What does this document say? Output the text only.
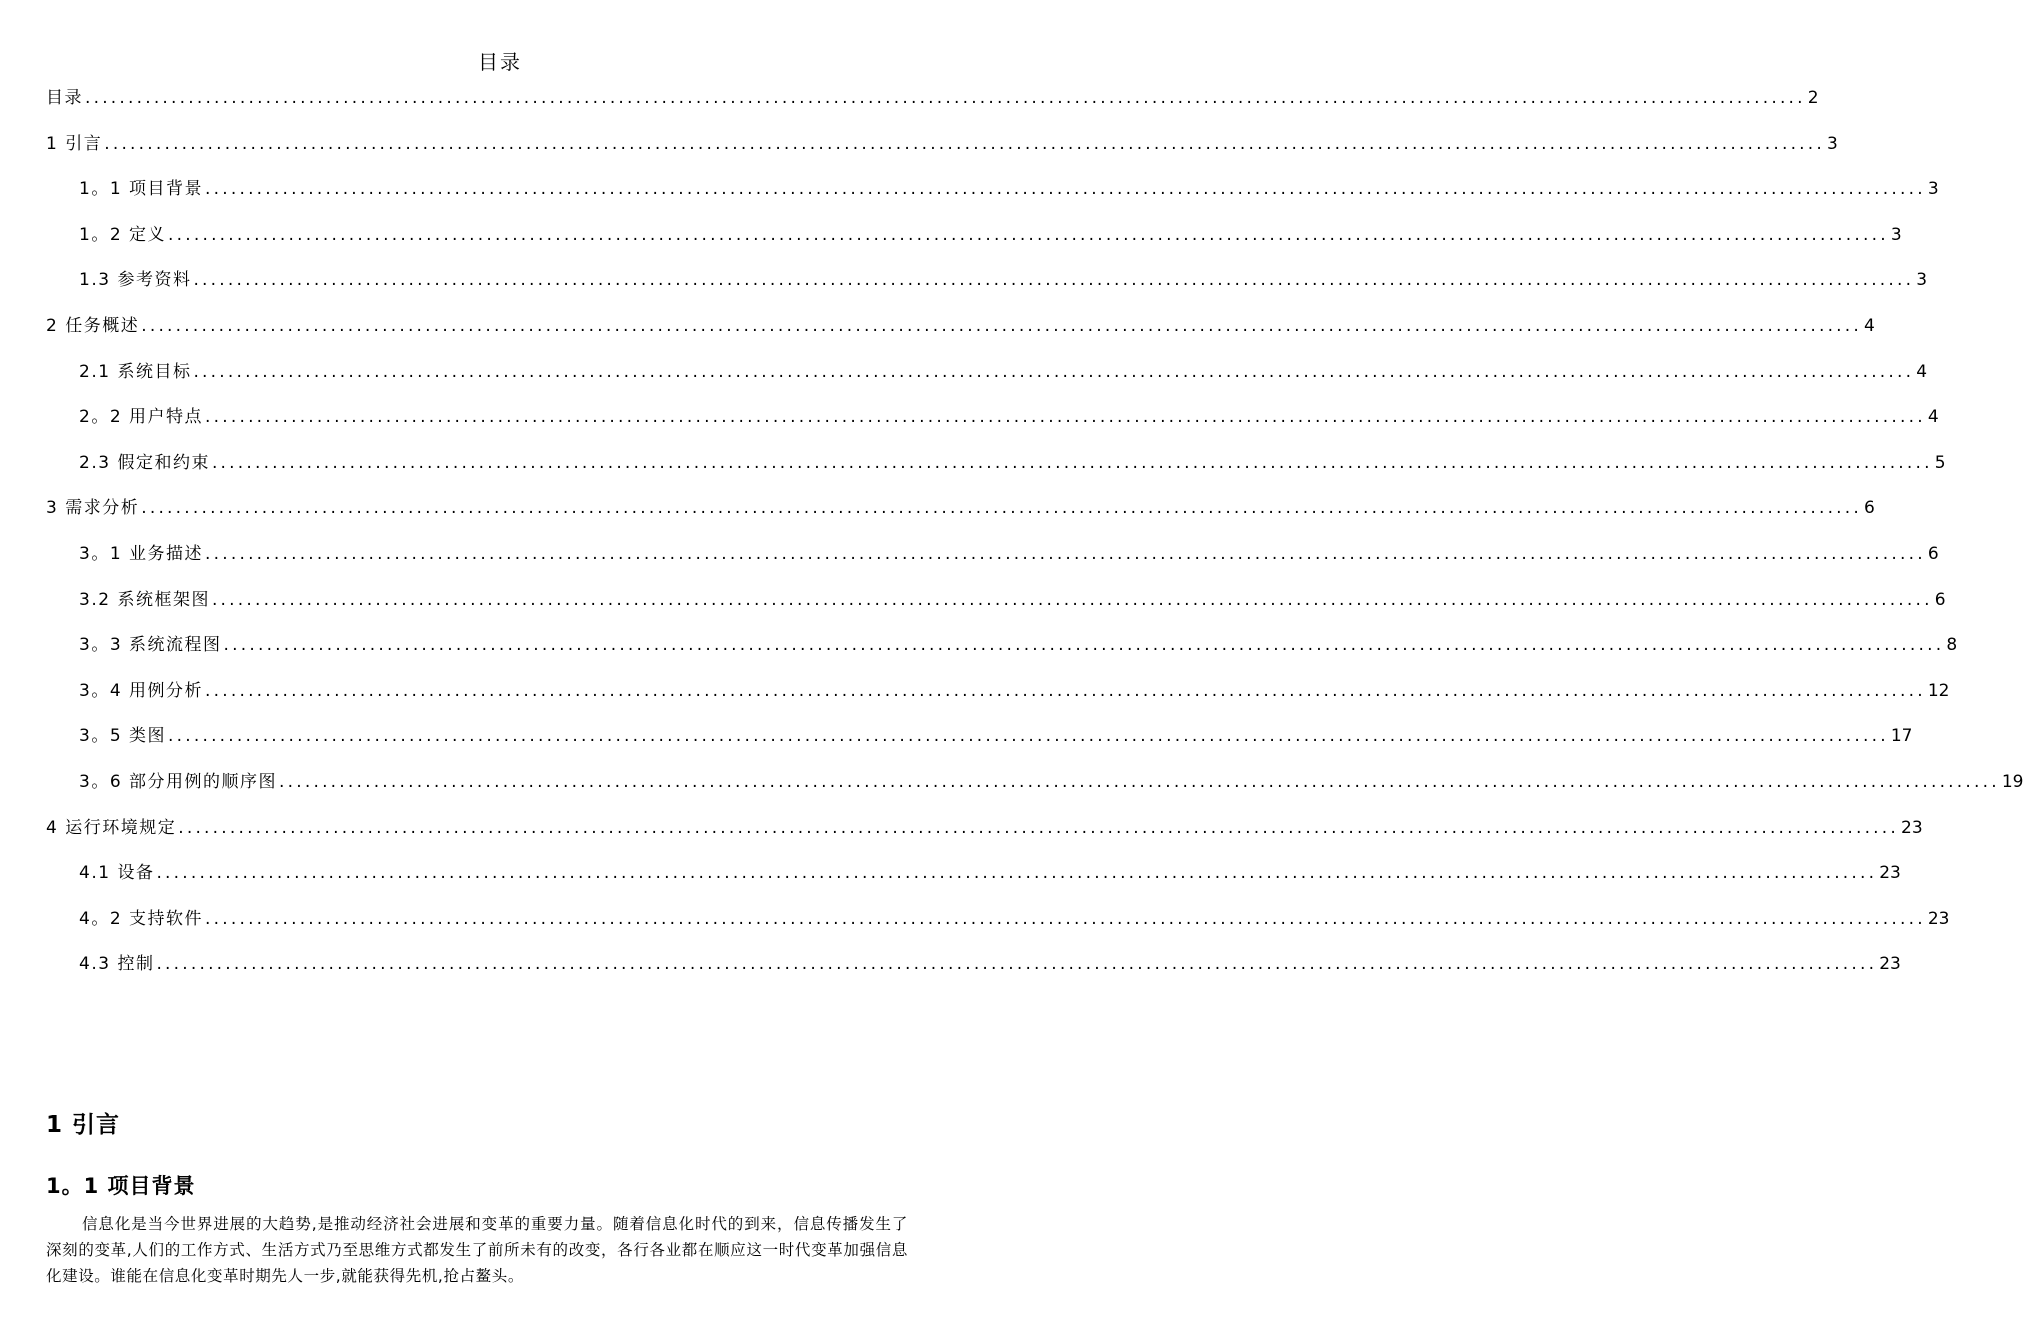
目录
目录 ........................................................................................................................................................................................................ 2
1 引言 ........................................................................................................................................................................................................ 3
1。1 项目背景 ........................................................................................................................................................................................................ 3
1。2 定义 ........................................................................................................................................................................................................ 3
1.3 参考资料 ........................................................................................................................................................................................................ 3
2 任务概述 ........................................................................................................................................................................................................ 4
2.1 系统目标 ........................................................................................................................................................................................................ 4
2。2 用户特点 ........................................................................................................................................................................................................ 4
2.3 假定和约束 ........................................................................................................................................................................................................ 5
3 需求分析 ........................................................................................................................................................................................................ 6
3。1 业务描述 ........................................................................................................................................................................................................ 6
3.2 系统框架图 ........................................................................................................................................................................................................ 6
3。3 系统流程图 ........................................................................................................................................................................................................ 8
3。4 用例分析 ........................................................................................................................................................................................................ 12
3。5 类图 ........................................................................................................................................................................................................ 17
3。6 部分用例的顺序图 ........................................................................................................................................................................................................ 19
4 运行环境规定 ........................................................................................................................................................................................................ 23
4.1 设备 ........................................................................................................................................................................................................ 23
4。2 支持软件 ........................................................................................................................................................................................................ 23
4.3 控制 ........................................................................................................................................................................................................ 23
1 引言
1。1 项目背景
信息化是当今世界进展的大趋势,是推动经济社会进展和变革的重要力量。随着信息化时代的到来，信息传播发生了深刻的变革,人们的工作方式、生活方式乃至思维方式都发生了前所未有的改变，各行各业都在顺应这一时代变革加强信息化建设。谁能在信息化变革时期先人一步,就能获得先机,抢占鳌头。
